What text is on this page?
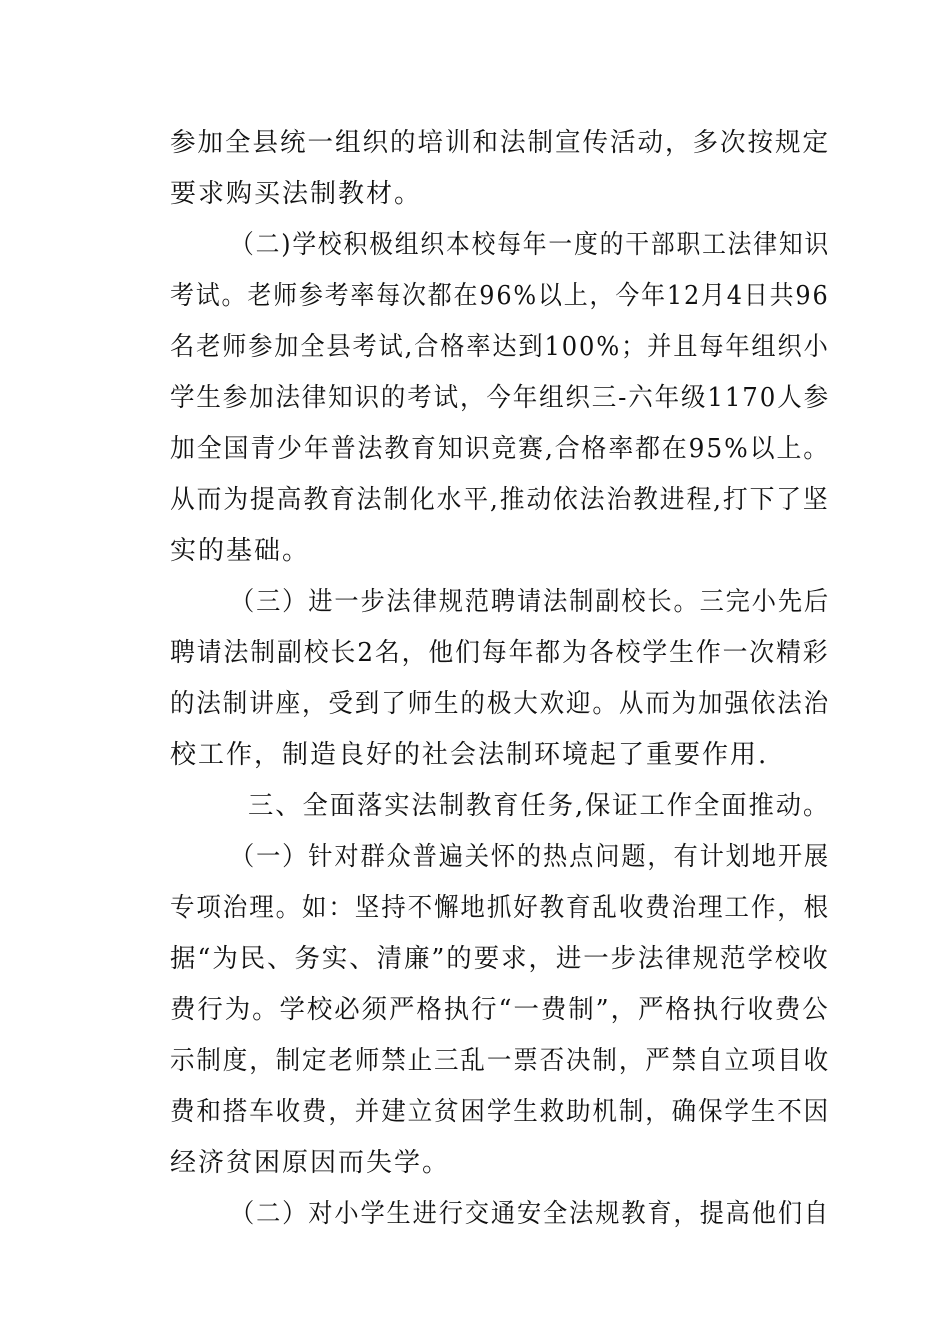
参加全县统一组织的培训和法制宣传活动，多次按规定
要求购买法制教材。
（二)学校积极组织本校每年一度的干部职工法律知识
考试。老师参考率每次都在96%以上，今年12月4日共96
名老师参加全县考试,合格率达到100%；并且每年组织小
学生参加法律知识的考试，今年组织三-六年级1170人参
加全国青少年普法教育知识竞赛,合格率都在95%以上。
从而为提高教育法制化水平,推动依法治教进程,打下了坚
实的基础。
（三）进一步法律规范聘请法制副校长。三完小先后
聘请法制副校长2名，他们每年都为各校学生作一次精彩
的法制讲座，受到了师生的极大欢迎。从而为加强依法治
校工作，制造良好的社会法制环境起了重要作用.
三、全面落实法制教育任务,保证工作全面推动。
（一）针对群众普遍关怀的热点问题，有计划地开展
专项治理。如：坚持不懈地抓好教育乱收费治理工作，根
据“为民、务实、清廉”的要求，进一步法律规范学校收
费行为。学校必须严格执行“一费制”，严格执行收费公
示制度，制定老师禁止三乱一票否决制，严禁自立项目收
费和搭车收费，并建立贫困学生救助机制，确保学生不因
经济贫困原因而失学。
（二）对小学生进行交通安全法规教育，提高他们自
